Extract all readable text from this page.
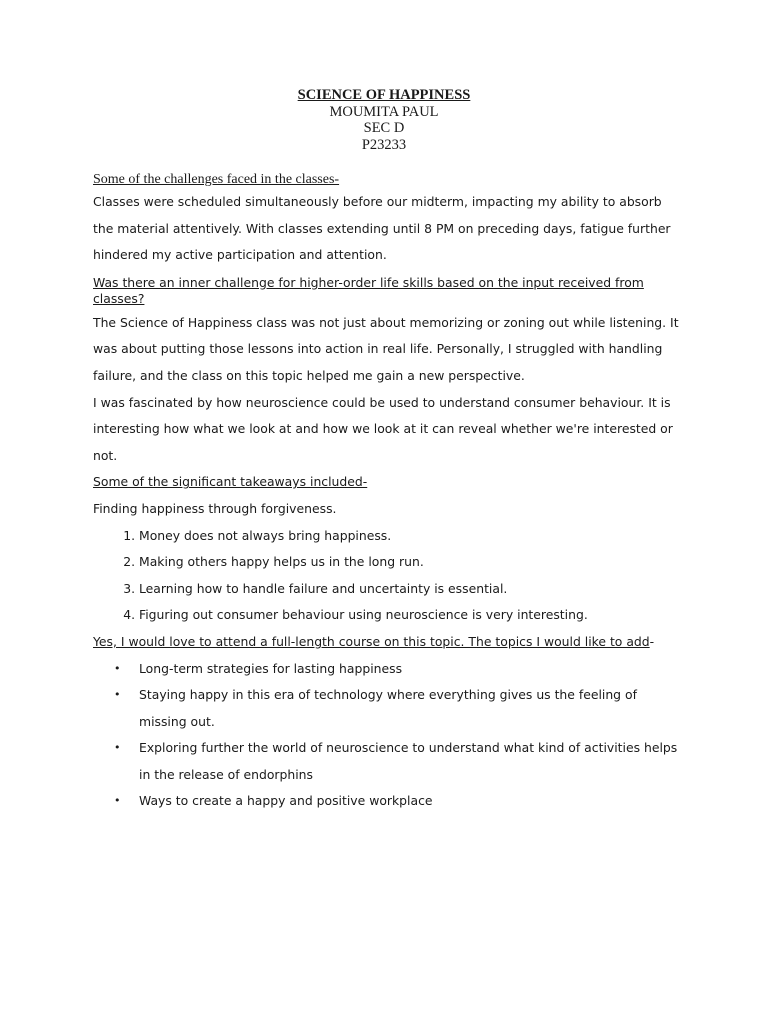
SCIENCE OF HAPPINESS
MOUMITA PAUL
SEC D
P23233

Some of the challenges faced in the classes-

Classes were scheduled simultaneously before our midterm, impacting my ability to absorb the material attentively. With classes extending until 8 PM on preceding days, fatigue further hindered my active participation and attention.

Was there an inner challenge for higher-order life skills based on the input received from classes?

The Science of Happiness class was not just about memorizing or zoning out while listening. It was about putting those lessons into action in real life. Personally, I struggled with handling failure, and the class on this topic helped me gain a new perspective.

I was fascinated by how neuroscience could be used to understand consumer behaviour. It is interesting how what we look at and how we look at it can reveal whether we're interested or not.

Some of the significant takeaways included-

Finding happiness through forgiveness.

1. Money does not always bring happiness.
2. Making others happy helps us in the long run.
3. Learning how to handle failure and uncertainty is essential.
4. Figuring out consumer behaviour using neuroscience is very interesting.

Yes, I would love to attend a full-length course on this topic. The topics I would like to add-

• Long-term strategies for lasting happiness
• Staying happy in this era of technology where everything gives us the feeling of missing out.
• Exploring further the world of neuroscience to understand what kind of activities helps in the release of endorphins
• Ways to create a happy and positive workplace
